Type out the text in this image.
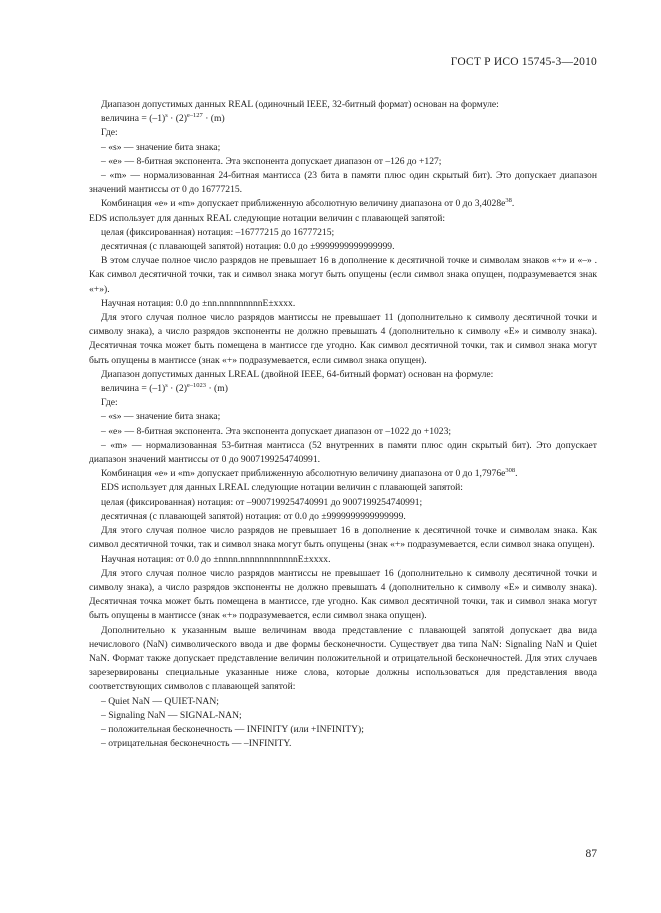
ГОСТ Р ИСО 15745-3—2010

Диапазон допустимых данных REAL (одиночный IEEE, 32-битный формат) основан на формуле:

величина = $(-1)^s \cdot (2)^{e-127} \cdot (m)$

Где:

– «s» — значение бита знака;

– «e» — 8-битная экспонента. Эта экспонента допускает диапазон от –126 до +127;

– «m» — нормализованная 24-битная мантисса (23 бита в памяти плюс один скрытый бит). Это допускает диапазон значений мантиссы от 0 до 16777215.

Комбинация «e» и «m» допускает приближенную абсолютную величину диапазона от 0 до $3,4028e^{38}$.

EDS использует для данных REAL следующие нотации величин с плавающей запятой:

целая (фиксированная) нотация: –16777215 до 16777215;

десятичная (с плавающей запятой) нотация: 0.0 до ±9999999999999999.

В этом случае полное число разрядов не превышает 16 в дополнение к десятичной точке и символам знаков «+» и «–» . Как символ десятичной точки, так и символ знака могут быть опущены (если символ знака опущен, подразумевается знак «+»).

Научная нотация: 0.0 до ±nn.nnnnnnnnnE±xxxx.

Для этого случая полное число разрядов мантиссы не превышает 11 (дополнительно к символу десятичной точки и символу знака), а число разрядов экспоненты не должно превышать 4 (дополнительно к символу «E» и символу знака). Десятичная точка может быть помещена в мантиссе где угодно. Как символ десятичной точки, так и символ знака могут быть опущены в мантиссе (знак «+» подразумевается, если символ знака опущен).

Диапазон допустимых данных LREAL (двойной IEEE, 64-битный формат) основан на формуле:

величина = $(-1)^s \cdot (2)^{e-1023} \cdot (m)$

Где:

– «s» — значение бита знака;

– «e» — 8-битная экспонента. Эта экспонента допускает диапазон от –1022 до +1023;

– «m» — нормализованная 53-битная мантисса (52 внутренних в памяти плюс один скрытый бит). Это допускает диапазон значений мантиссы от 0 до 9007199254740991.

Комбинация «e» и «m» допускает приближенную абсолютную величину диапазона от 0 до $1,7976e^{308}$.

EDS использует для данных LREAL следующие нотации величин с плавающей запятой:

целая (фиксированная) нотация: от –9007199254740991 до 9007199254740991;

десятичная (с плавающей запятой) нотация: от 0.0 до ±9999999999999999.

Для этого случая полное число разрядов не превышает 16 в дополнение к десятичной точке и символам знака. Как символ десятичной точки, так и символ знака могут быть опущены (знак «+» подразумевается, если символ знака опущен).

Научная нотация: от 0.0 до ±nnnn.nnnnnnnnnnnnE±xxxx.

Для этого случая полное число разрядов мантиссы не превышает 16 (дополнительно к символу десятичной точки и символу знака), а число разрядов экспоненты не должно превышать 4 (дополнительно к символу «E» и символу знака). Десятичная точка может быть помещена в мантиссе, где угодно. Как символ десятичной точки, так и символ знака могут быть опущены в мантиссе (знак «+» подразумевается, если символ знака опущен).

Дополнительно к указанным выше величинам ввода представление с плавающей запятой допускает два вида нечислового (NaN) символического ввода и две формы бесконечности. Существует два типа NaN: Signaling NaN и Quiet NaN. Формат также допускает представление величин положительной и отрицательной бесконечностей. Для этих случаев зарезервированы специальные указанные ниже слова, которые должны использоваться для представления ввода соответствующих символов с плавающей запятой:

– Quiet NaN — QUIET-NAN;

– Signaling NaN — SIGNAL-NAN;

– положительная бесконечность — INFINITY (или +INFINITY);

– отрицательная бесконечность — –INFINITY.

87
